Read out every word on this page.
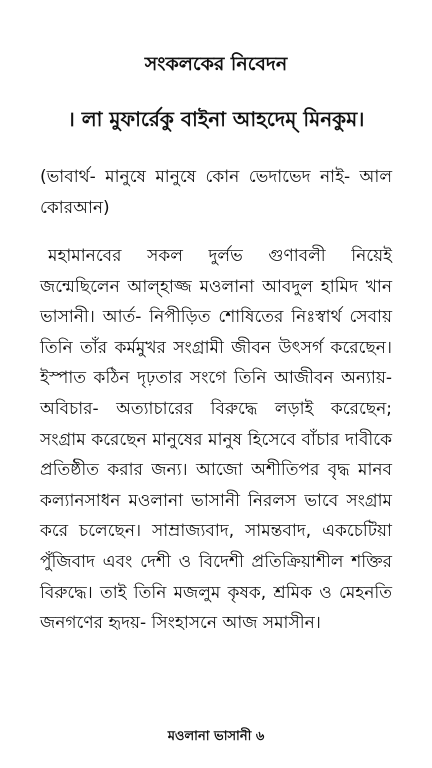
সংকলকের নিবেদন
। লা মুফার্রেকু বাইনা আহদেম্ মিনকুম।
(ভাবার্থ- মানুষে মানুষে কোন ভেদাভেদ নাই- আল কোরআন)
মহামানবের সকল দুর্লভ গুণাবলী নিয়েই জন্মেছিলেন আল্হাজ্জ মওলানা আবদুল হামিদ খান ভাসানী। আর্ত- নিপীড়িত শোষিতের নিঃস্বার্থ সেবায় তিনি তাঁর কর্মমুখর সংগ্রামী জীবন উৎসর্গ করেছেন। ইস্পাত কঠিন দৃঢ়তার সংগে তিনি আজীবন অন্যায়- অবিচার- অত্যাচারের বিরুদ্ধে লড়াই করেছেন; সংগ্রাম করেছেন মানুষের মানুষ হিসেবে বাঁচার দাবীকে প্রতিষ্ঠীত করার জন্য। আজো অশীতিপর বৃদ্ধ মানব কল্যানসাধন মওলানা ভাসানী নিরলস ভাবে সংগ্রাম করে চলেছেন। সাম্রাজ্যবাদ, সামন্তবাদ, একচেটিয়া পুঁজিবাদ এবং দেশী ও বিদেশী প্রতিক্রিয়াশীল শক্তির বিরুদ্ধে। তাই তিনি মজলুম কৃষক, শ্রমিক ও মেহনতি জনগণের হৃদয়- সিংহাসনে আজ সমাসীন।
মওলানা ভাসানী ৬
